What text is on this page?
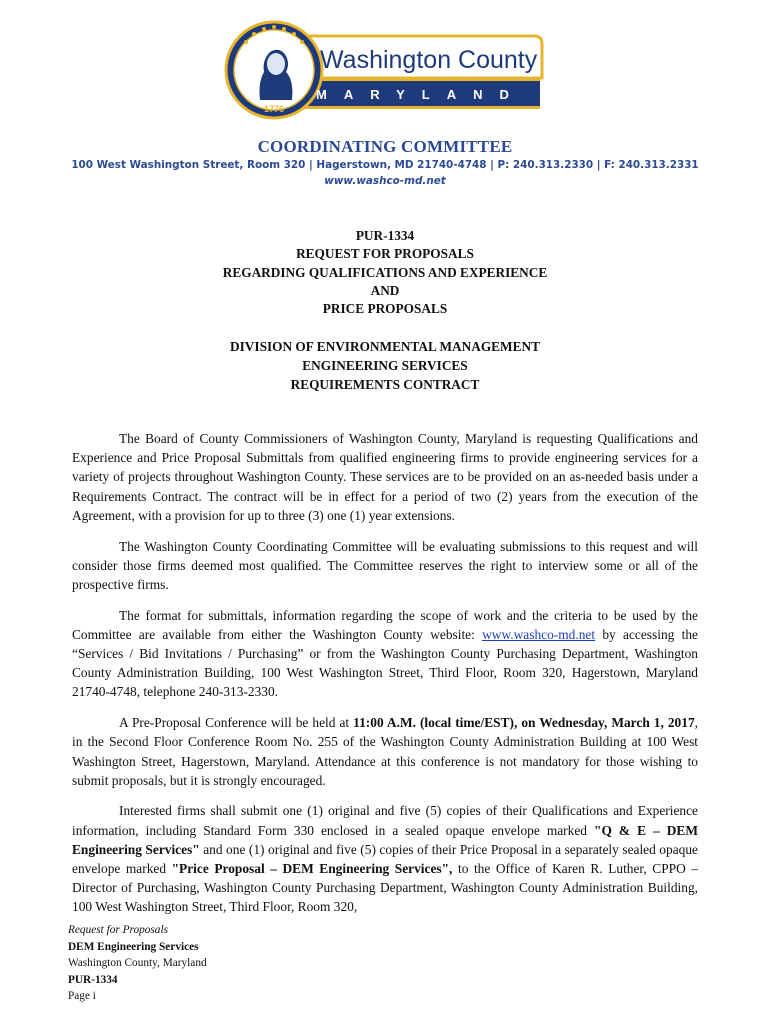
1776
Washington County
MARYLAND
COORDINATING COMMITTEE
100 West Washington Street, Room 320 | Hagerstown, MD 21740-4748 | P: 240.313.2330 | F: 240.313.2331
www.washco-md.net
PUR-1334
REQUEST FOR PROPOSALS
REGARDING QUALIFICATIONS AND EXPERIENCE
AND
PRICE PROPOSALS
DIVISION OF ENVIRONMENTAL MANAGEMENT
ENGINEERING SERVICES
REQUIREMENTS CONTRACT

The Board of County Commissioners of Washington County, Maryland is requesting Qualifications and Experience and Price Proposal Submittals from qualified engineering firms to provide engineering services for a variety of projects throughout Washington County. These services are to be provided on an as-needed basis under a Requirements Contract. The contract will be in effect for a period of two (2) years from the execution of the Agreement, with a provision for up to three (3) one (1) year extensions.

The Washington County Coordinating Committee will be evaluating submissions to this request and will consider those firms deemed most qualified. The Committee reserves the right to interview some or all of the prospective firms.

The format for submittals, information regarding the scope of work and the criteria to be used by the Committee are available from either the Washington County website: www.washco-md.net by accessing the “Services / Bid Invitations / Purchasing” or from the Washington County Purchasing Department, Washington County Administration Building, 100 West Washington Street, Third Floor, Room 320, Hagerstown, Maryland 21740-4748, telephone 240-313-2330.

A Pre-Proposal Conference will be held at 11:00 A.M. (local time/EST), on Wednesday, March 1, 2017, in the Second Floor Conference Room No. 255 of the Washington County Administration Building at 100 West Washington Street, Hagerstown, Maryland. Attendance at this conference is not mandatory for those wishing to submit proposals, but it is strongly encouraged.

Interested firms shall submit one (1) original and five (5) copies of their Qualifications and Experience information, including Standard Form 330 enclosed in a sealed opaque envelope marked "Q & E – DEM Engineering Services" and one (1) original and five (5) copies of their Price Proposal in a separately sealed opaque envelope marked "Price Proposal – DEM Engineering Services", to the Office of Karen R. Luther, CPPO – Director of Purchasing, Washington County Purchasing Department, Washington County Administration Building, 100 West Washington Street, Third Floor, Room 320,

Request for Proposals
DEM Engineering Services
Washington County, Maryland
PUR-1334
Page i
